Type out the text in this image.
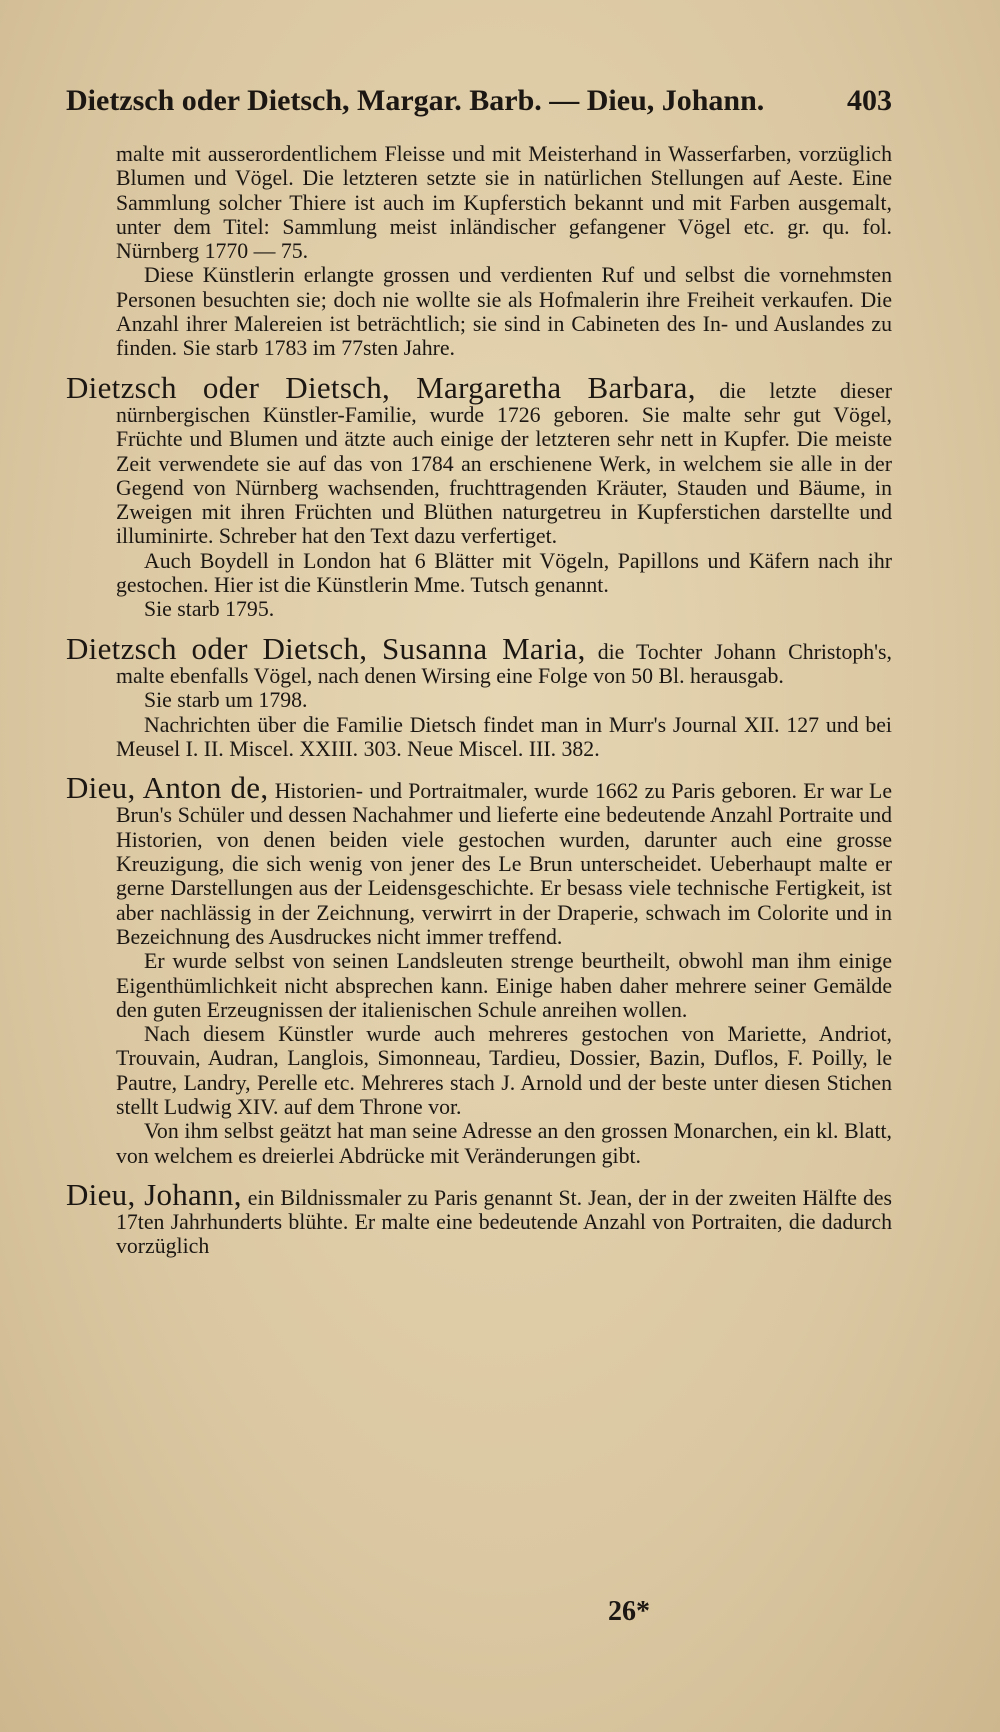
Dietzsch oder Dietsch, Margar. Barb. — Dieu, Johann.	403

malte mit ausserordentlichem Fleisse und mit Meisterhand in Wasserfarben, vorzüglich Blumen und Vögel. Die letzteren setzte sie in natürlichen Stellungen auf Aeste. Eine Sammlung solcher Thiere ist auch im Kupferstich bekannt und mit Farben ausgemalt, unter dem Titel: Sammlung meist inländischer gefangener Vögel etc. gr. qu. fol. Nürnberg 1770 — 75.

Diese Künstlerin erlangte grossen und verdienten Ruf und selbst die vornehmsten Personen besuchten sie; doch nie wollte sie als Hofmalerin ihre Freiheit verkaufen. Die Anzahl ihrer Malereien ist beträchtlich; sie sind in Cabineten des In- und Auslandes zu finden. Sie starb 1783 im 77sten Jahre.

Dietzsch oder Dietsch, Margaretha Barbara, die letzte dieser nürnbergischen Künstler-Familie, wurde 1726 geboren. Sie malte sehr gut Vögel, Früchte und Blumen und ätzte auch einige der letzteren sehr nett in Kupfer. Die meiste Zeit verwendete sie auf das von 1784 an erschienene Werk, in welchem sie alle in der Gegend von Nürnberg wachsenden, fruchttragenden Kräuter, Stauden und Bäume, in Zweigen mit ihren Früchten und Blüthen naturgetreu in Kupferstichen darstellte und illuminirte. Schreber hat den Text dazu verfertiget.

Auch Boydell in London hat 6 Blätter mit Vögeln, Papillons und Käfern nach ihr gestochen. Hier ist die Künstlerin Mme. Tutsch genannt.

Sie starb 1795.

Dietzsch oder Dietsch, Susanna Maria, die Tochter Johann Christoph's, malte ebenfalls Vögel, nach denen Wirsing eine Folge von 50 Bl. herausgab.

Sie starb um 1798.

Nachrichten über die Familie Dietsch findet man in Murr's Journal XII. 127 und bei Meusel I. II. Miscel. XXIII. 303. Neue Miscel. III. 382.

Dieu, Anton de, Historien- und Portraitmaler, wurde 1662 zu Paris geboren. Er war Le Brun's Schüler und dessen Nachahmer und lieferte eine bedeutende Anzahl Portraite und Historien, von denen beiden viele gestochen wurden, darunter auch eine grosse Kreuzigung, die sich wenig von jener des Le Brun unterscheidet. Ueberhaupt malte er gerne Darstellungen aus der Leidensgeschichte. Er besass viele technische Fertigkeit, ist aber nachlässig in der Zeichnung, verwirrt in der Draperie, schwach im Colorite und in Bezeichnung des Ausdruckes nicht immer treffend.

Er wurde selbst von seinen Landsleuten strenge beurtheilt, obwohl man ihm einige Eigenthümlichkeit nicht absprechen kann. Einige haben daher mehrere seiner Gemälde den guten Erzeugnissen der italienischen Schule anreihen wollen.

Nach diesem Künstler wurde auch mehreres gestochen von Mariette, Andriot, Trouvain, Audran, Langlois, Simonneau, Tardieu, Dossier, Bazin, Duflos, F. Poilly, le Pautre, Landry, Perelle etc. Mehreres stach J. Arnold und der beste unter diesen Stichen stellt Ludwig XIV. auf dem Throne vor.

Von ihm selbst geätzt hat man seine Adresse an den grossen Monarchen, ein kl. Blatt, von welchem es dreierlei Abdrücke mit Veränderungen gibt.

Dieu, Johann, ein Bildnissmaler zu Paris genannt St. Jean, der in der zweiten Hälfte des 17ten Jahrhunderts blühte. Er malte eine bedeutende Anzahl von Portraiten, die dadurch vorzüglich

26*
